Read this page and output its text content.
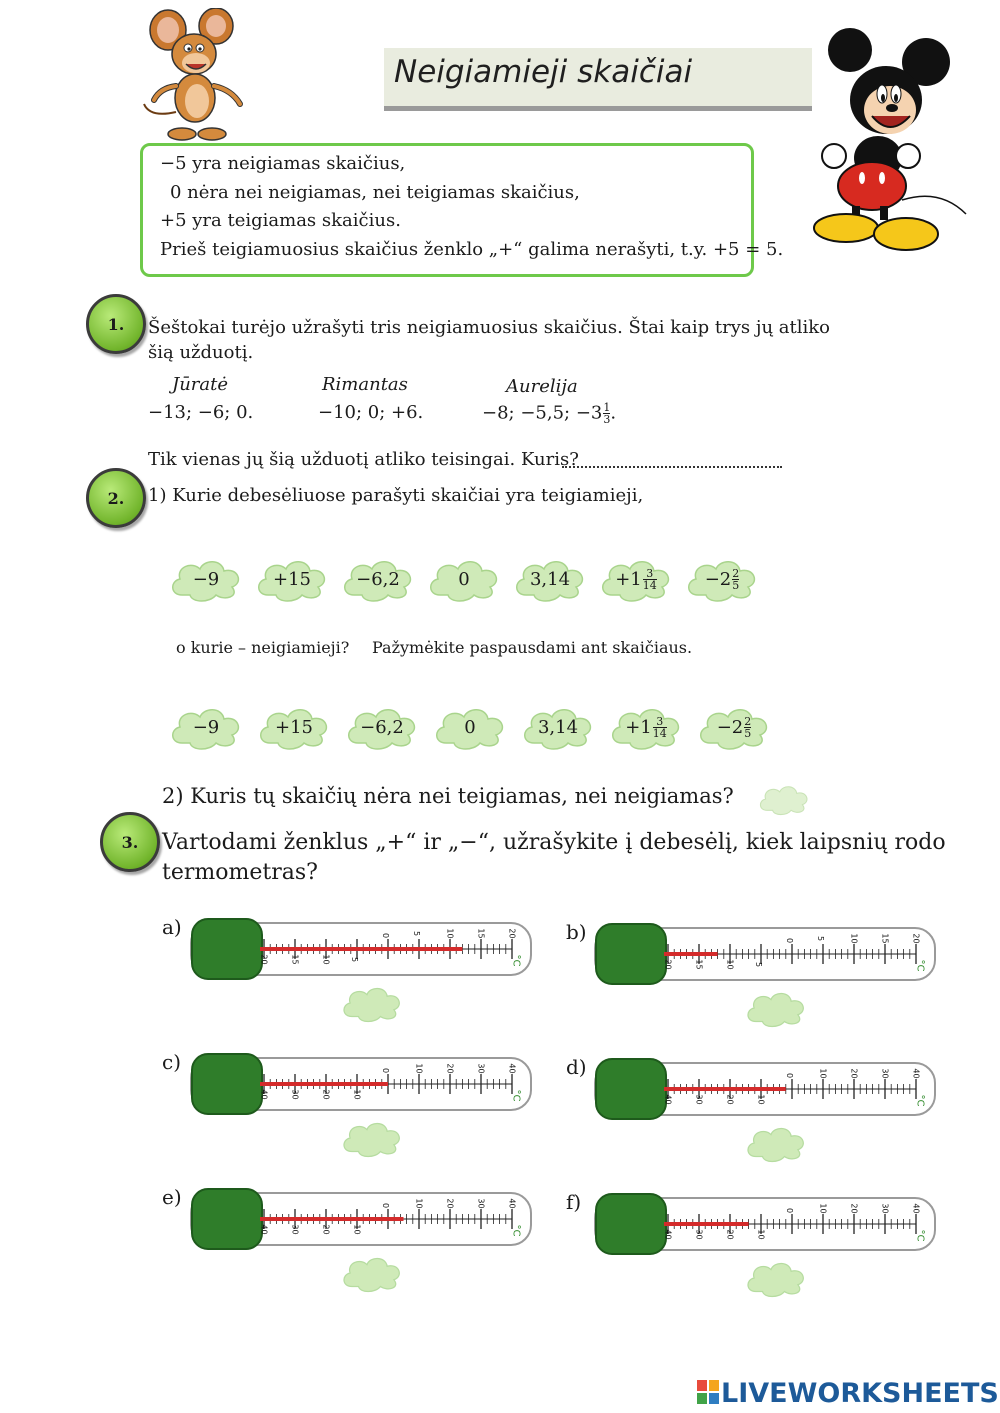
Neigiamieji skaičiai
−5 yra neigiamas skaičius,
0 nėra nei neigiamas, nei teigiamas skaičius,
+5 yra teigiamas skaičius.
Prieš teigiamuosius skaičius ženklo „+“ galima nerašyti, t.y. +5 = 5.
1.	Šeštokai turėjo užrašyti tris neigiamuosius skaičius. Štai kaip trys jų atliko
šią užduotį.
Jūratė
−13; −6; 0.
Rimantas
−10; 0; +6.
Aurelija
−8; −5,5; $-3 \frac{1}{3}$ .
Tik vienas jų šią užduotį atliko teisingai. Kuris?
2.	1) Kurie debesėliuose parašyti skaičiai yra teigiamieji,
−9	+15	−6,2	0	3,14	$+1 \frac{3}{14}$	$-2 \frac{2}{5}$
o kurie – neigiamieji? Pažymėkite paspausdami ant skaičiaus.
−9	+15	−6,2	0	3,14	$+1 \frac{3}{14}$	$-2 \frac{2}{5}$
2) Kuris tų skaičių nėra nei teigiamas, nei neigiamas?
3.	Vartodami ženklus „+“ ir „−“, užrašykite į debesėlį, kiek laipsnių rodo
termometras?
a)
20	15	10 5
0	5	10	15	20
°C
b)
20	15	10 5
0	5	10	15	20
°C
c)
40	30	20	10
0	10	20	30	40
°C
d)
40	30	20	10
0	10	20	30	40
°C
e)
40	30	20	10
0	10	20	30	40
°C
f)
40	30	20	10
0	10	20	30	40
°C
LIVEWORKSHEETS
